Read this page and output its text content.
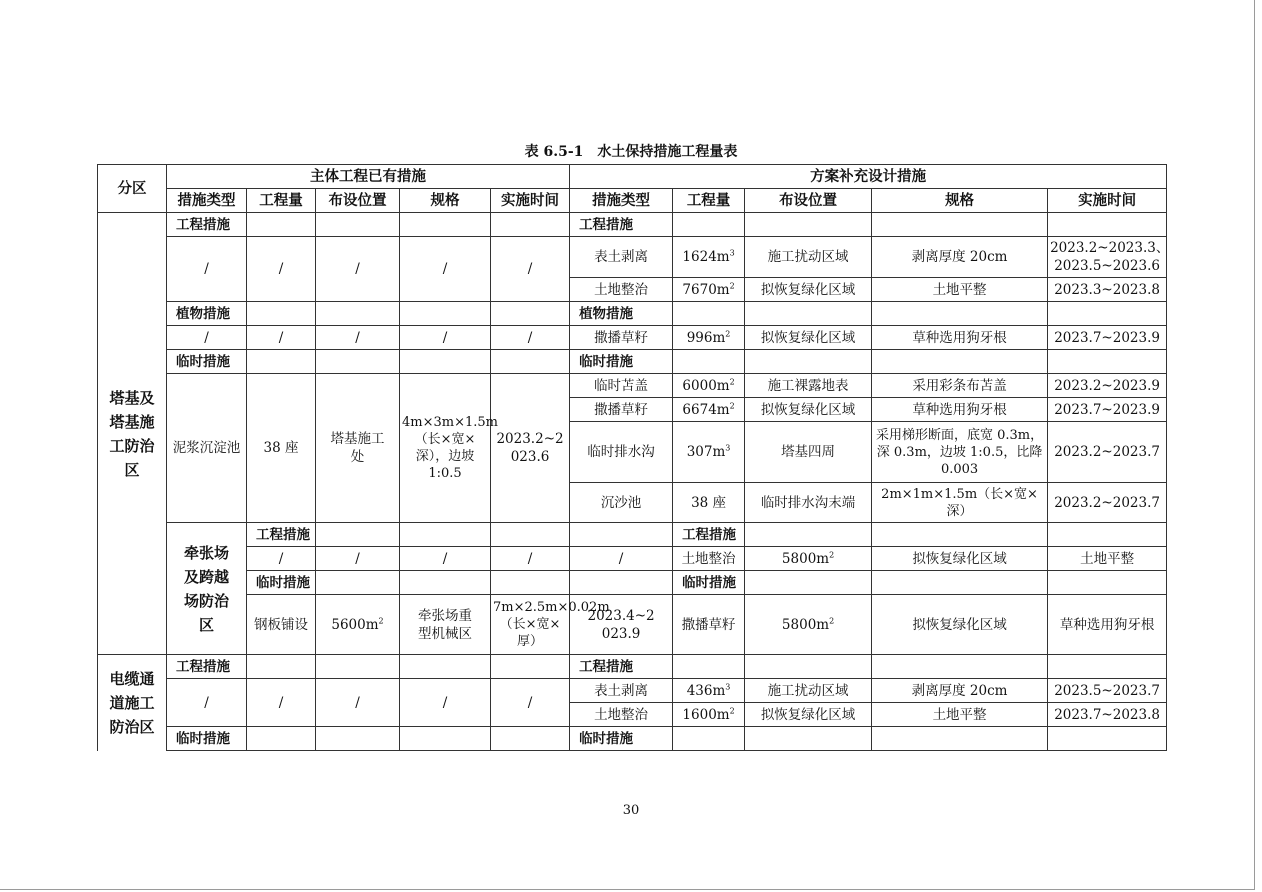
表 6.5-1 水土保持措施工程量表
分区	主体工程已有措施					方案补充设计措施					
	措施类型	工程量	布设位置	规格	实施时间	措施类型	工程量	布设位置	规格	实施时间	

塔基及塔基施工防治区	工程措施					工程措施					
	/	/	/	/	/	表土剥离	$1624m^3$	施工扰动区域	剥离厚度 20cm	2023.2~2023.3、2023.5~2023.6	
						土地整治	$7670m^2$	拟恢复绿化区域	土地平整	2023.3~2023.8	
	植物措施					植物措施					
	/	/	/	/	/	撒播草籽	$996m^2$	拟恢复绿化区域	草种选用狗牙根	2023.7~2023.9	
	临时措施					临时措施					

	泥浆沉淀池	38 座	塔基施工处	4m×3m×1.5m（长×宽×深），边坡 1:0.5	2023.2~2023.6	临时苫盖	$6000m^2$	施工裸露地表	采用彩条布苫盖	2023.2~2023.9	
						撒播草籽	$6674m^2$	拟恢复绿化区域	草种选用狗牙根	2023.7~2023.9	
						临时排水沟	$307m^3$	塔基四周	采用梯形断面，底宽 0.3m，深 0.3m，边坡 1:0.5，比降 0.003	2023.2~2023.7	
						沉沙池	38 座	临时排水沟末端	2m×1m×1.5m（长×宽×深）	2023.2~2023.7	

	牵张场及跨越场防治区	工程措施					工程措施					
		/	/	/	/	/	土地整治	$5800m^2$	拟恢复绿化区域	土地平整	
		临时措施					临时措施					
		钢板铺设	$5600m^2$	牵张场重型机械区	7m×2.5m×0.02m（长×宽×厚）	2023.4~2023.9	撒播草籽	$5800m^2$	拟恢复绿化区域	草种选用狗牙根	

电缆通道施工防治区	工程措施					工程措施					
	/	/	/	/	/	表土剥离	$436m^3$	施工扰动区域	剥离厚度 20cm	2023.5~2023.7	
						土地整治	$1600m^2$	拟恢复绿化区域	土地平整	2023.7~2023.8	
	临时措施					临时措施					
30
